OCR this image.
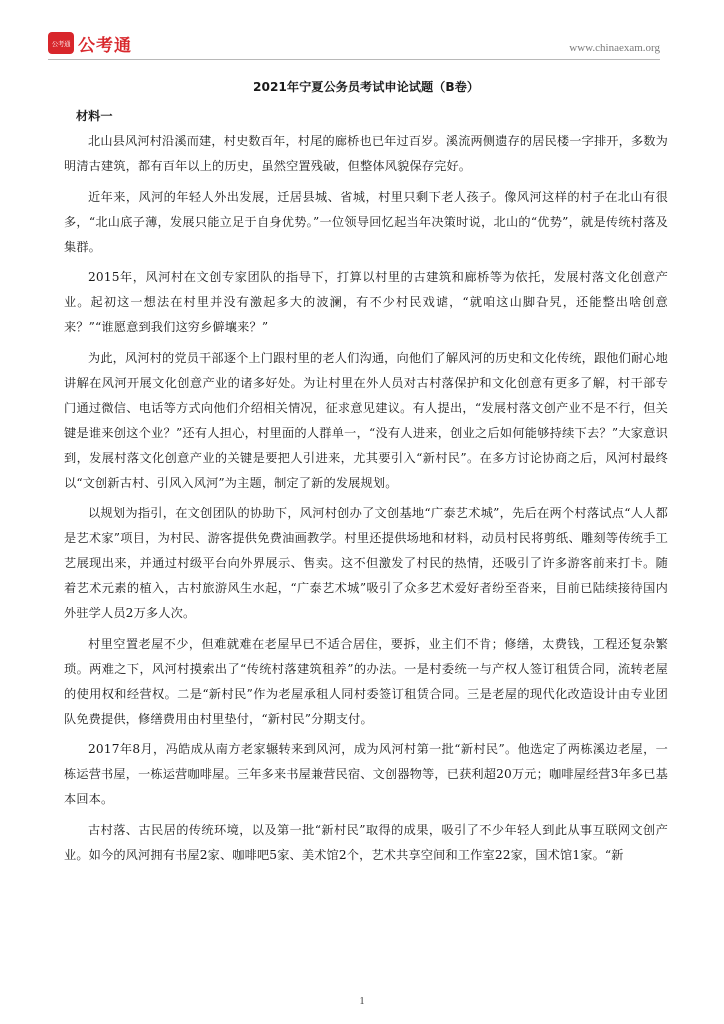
公考通 公考通	www.chinaexam.org
2021年宁夏公务员考试申论试题（B卷）
材料一

北山县风河村沿溪而建，村史数百年，村尾的廊桥也已年过百岁。溪流两侧遗存的居民楼一字排开，多数为明清古建筑，都有百年以上的历史，虽然空置残破，但整体风貌保存完好。

近年来，风河的年轻人外出发展，迁居县城、省城，村里只剩下老人孩子。像风河这样的村子在北山有很多，“北山底子薄，发展只能立足于自身优势。”一位领导回忆起当年决策时说，北山的“优势”，就是传统村落及集群。

2015年，风河村在文创专家团队的指导下，打算以村里的古建筑和廊桥等为依托，发展村落文化创意产业。起初这一想法在村里并没有激起多大的波澜，有不少村民戏谑，“就咱这山脚旮旯，还能整出啥创意来？”“谁愿意到我们这穷乡僻壤来？”

为此，风河村的党员干部逐个上门跟村里的老人们沟通，向他们了解风河的历史和文化传统，跟他们耐心地讲解在风河开展文化创意产业的诸多好处。为让村里在外人员对古村落保护和文化创意有更多了解，村干部专门通过微信、电话等方式向他们介绍相关情况，征求意见建议。有人提出，“发展村落文创产业不是不行，但关键是谁来创这个业？”还有人担心，村里面的人群单一，“没有人进来，创业之后如何能够持续下去？”大家意识到，发展村落文化创意产业的关键是要把人引进来，尤其要引入“新村民”。在多方讨论协商之后，风河村最终以“文创新古村、引风入风河”为主题，制定了新的发展规划。

以规划为指引，在文创团队的协助下，风河村创办了文创基地“广泰艺术城”，先后在两个村落试点“人人都是艺术家”项目，为村民、游客提供免费油画教学。村里还提供场地和材料，动员村民将剪纸、雕刻等传统手工艺展现出来，并通过村级平台向外界展示、售卖。这不但激发了村民的热情，还吸引了许多游客前来打卡。随着艺术元素的植入，古村旅游风生水起，“广泰艺术城”吸引了众多艺术爱好者纷至沓来，目前已陆续接待国内外驻学人员2万多人次。

村里空置老屋不少，但难就难在老屋早已不适合居住，要拆，业主们不肯；修缮，太费钱，工程还复杂繁琐。两难之下，风河村摸索出了“传统村落建筑租养”的办法。一是村委统一与产权人签订租赁合同，流转老屋的使用权和经营权。二是“新村民”作为老屋承租人同村委签订租赁合同。三是老屋的现代化改造设计由专业团队免费提供，修缮费用由村里垫付，“新村民”分期支付。

2017年8月，冯皓成从南方老家辗转来到风河，成为风河村第一批“新村民”。他选定了两栋溪边老屋，一栋运营书屋，一栋运营咖啡屋。三年多来书屋兼营民宿、文创器物等，已获利超20万元；咖啡屋经营3年多已基本回本。

古村落、古民居的传统环境，以及第一批“新村民”取得的成果，吸引了不少年轻人到此从事互联网文创产业。如今的风河拥有书屋2家、咖啡吧5家、美术馆2个，艺术共享空间和工作室22家，国术馆1家。“新

1
